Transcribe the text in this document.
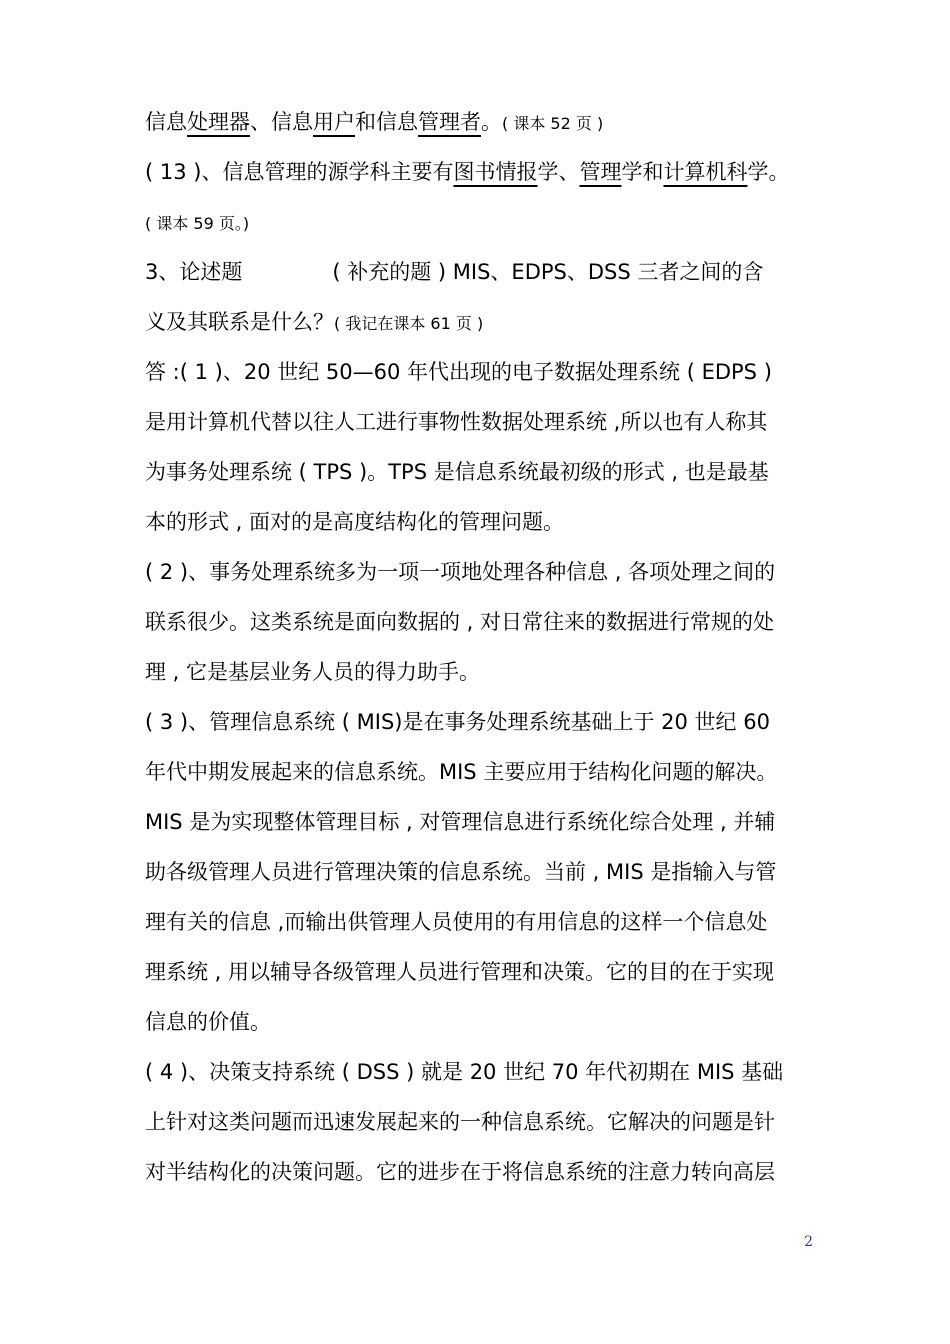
信息处理器、信息用户和信息管理者。( 课本 52 页 )
( 13 )、信息管理的源学科主要有图书情报学、管理学和计算机科学。
( 课本 59 页。)
3、论述题	( 补充的题 ) MIS、EDPS、DSS 三者之间的含
义及其联系是什么？( 我记在课本 61 页 )
答 :( 1 )、20 世纪 50—60 年代出现的电子数据处理系统 ( EDPS )
是用计算机代替以往人工进行事物性数据处理系统 ,所以也有人称其
为事务处理系统 ( TPS )。TPS 是信息系统最初级的形式 , 也是最基
本的形式 , 面对的是高度结构化的管理问题。
( 2 )、事务处理系统多为一项一项地处理各种信息 , 各项处理之间的
联系很少。这类系统是面向数据的 , 对日常往来的数据进行常规的处
理 , 它是基层业务人员的得力助手。
( 3 )、管理信息系统 ( MIS)是在事务处理系统基础上于 20 世纪 60
年代中期发展起来的信息系统。MIS 主要应用于结构化问题的解决。
MIS 是为实现整体管理目标 , 对管理信息进行系统化综合处理 , 并辅
助各级管理人员进行管理决策的信息系统。当前 , MIS 是指输入与管
理有关的信息 ,而输出供管理人员使用的有用信息的这样一个信息处
理系统 , 用以辅导各级管理人员进行管理和决策。它的目的在于实现
信息的价值。
( 4 )、决策支持系统 ( DSS ) 就是 20 世纪 70 年代初期在 MIS 基础
上针对这类问题而迅速发展起来的一种信息系统。它解决的问题是针
对半结构化的决策问题。它的进步在于将信息系统的注意力转向高层
2
